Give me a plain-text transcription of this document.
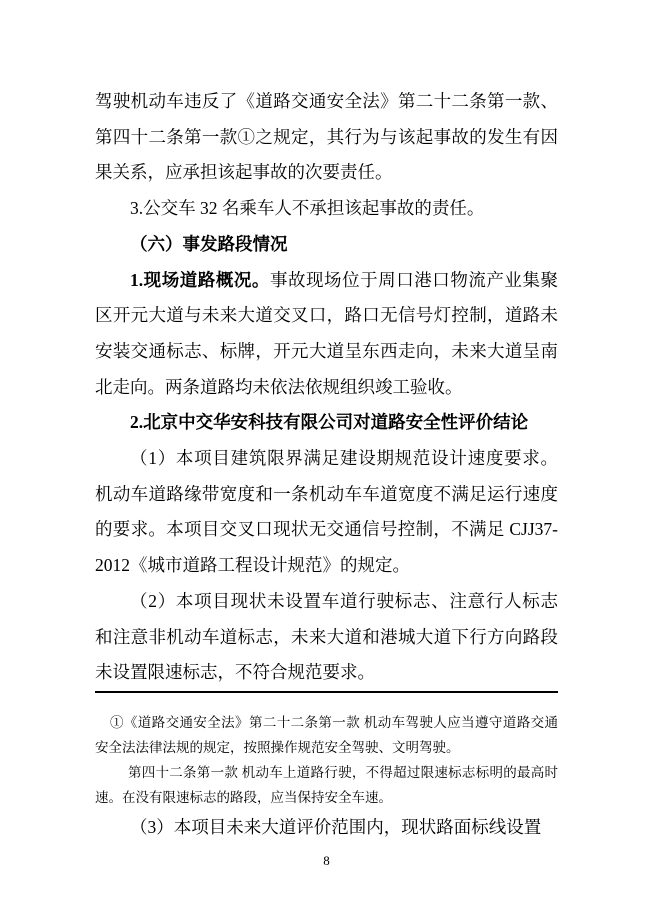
驾驶机动车违反了《道路交通安全法》第二十二条第一款、第四十二条第一款①之规定，其行为与该起事故的发生有因果关系，应承担该起事故的次要责任。

3.公交车 32 名乘车人不承担该起事故的责任。

（六）事发路段情况

1.现场道路概况。事故现场位于周口港口物流产业集聚区开元大道与未来大道交叉口，路口无信号灯控制，道路未安装交通标志、标牌，开元大道呈东西走向，未来大道呈南北走向。两条道路均未依法依规组织竣工验收。

2.北京中交华安科技有限公司对道路安全性评价结论

（1）本项目建筑限界满足建设期规范设计速度要求。机动车道路缘带宽度和一条机动车车道宽度不满足运行速度的要求。本项目交叉口现状无交通信号控制，不满足 CJJ37-2012《城市道路工程设计规范》的规定。

（2）本项目现状未设置车道行驶标志、注意行人标志和注意非机动车道标志，未来大道和港城大道下行方向路段未设置限速标志，不符合规范要求。

①《道路交通安全法》第二十二条第一款 机动车驾驶人应当遵守道路交通安全法法律法规的规定，按照操作规范安全驾驶、文明驾驶。

第四十二条第一款 机动车上道路行驶，不得超过限速标志标明的最高时速。在没有限速标志的路段，应当保持安全车速。

（3）本项目未来大道评价范围内，现状路面标线设置

8
